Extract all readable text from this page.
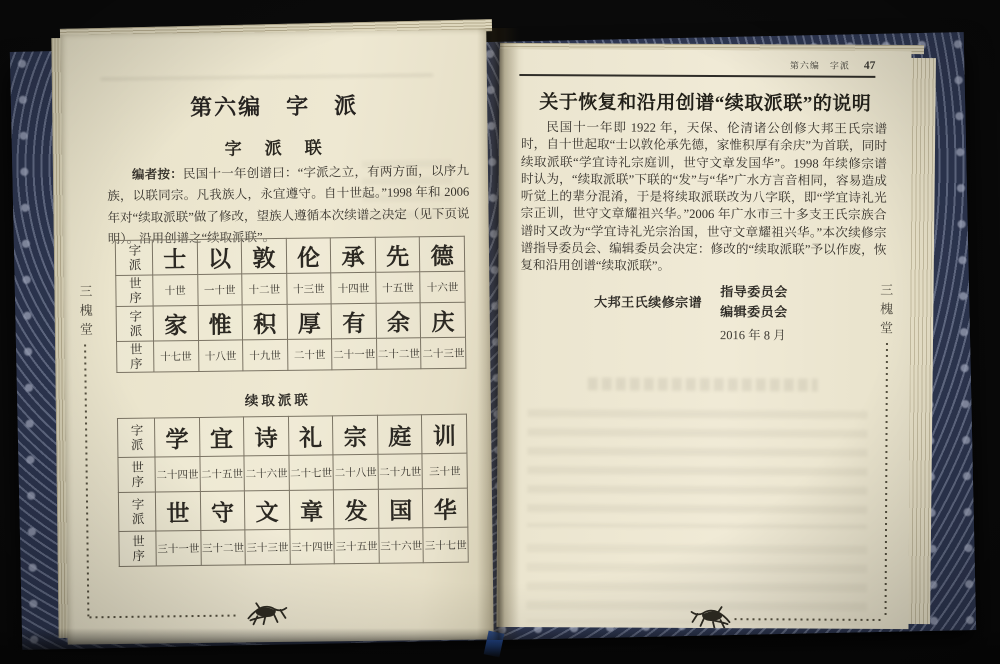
第六编　字　派
字　派　联

编者按：民国十一年创谱曰：“字派之立，有两方面，以序九族，以联同宗。凡我族人，永宜遵守。自十世起。”1998 年和 2006 年对“续取派联”做了修改，望族人遵循本次续谱之决定（见下页说明）。沿用创谱之“续取派联”。

字派	士	以	敦	伦	承	先	德
世序	十世	一十世	十二世	十三世	十四世	十五世	十六世
字派	家	惟	积	厚	有	余	庆
世序	十七世	十八世	十九世	二十世	二十一世	二十二世	二十三世
续取派联
字派	学	宜	诗	礼	宗	庭	训
世序	二十四世	二十五世	二十六世	二十七世	二十八世	二十九世	三十世
字派	世	守	文	章	发	国	华
世序	三十一世	三十二世	三十三世	三十四世	三十五世	三十六世	三十七世
三槐堂
第六编　字派 47
关于恢复和沿用创谱“续取派联”的说明

民国十一年即 1922 年，天保、伦清诸公创修大邦王氏宗谱时，自十世起取“士以敦伦承先德，家惟积厚有余庆”为首联，同时续取派联“学宜诗礼宗庭训，世守文章发国华”。1998 年续修宗谱时认为，“续取派联”下联的“发”与“华”广水方言音相同，容易造成听觉上的辈分混淆，于是将续取派联改为八字联，即“学宜诗礼光宗正训，世守文章耀祖兴华。”2006 年广水市三十多支王氏宗族合谱时又改为“学宜诗礼光宗治国，世守文章耀祖兴华。”本次续修宗谱指导委员会、编辑委员会决定：修改的“续取派联”予以作废，恢复和沿用创谱“续取派联”。

大邦王氏续修宗谱
指导委员会
编辑委员会
2016 年 8 月	三槐堂
